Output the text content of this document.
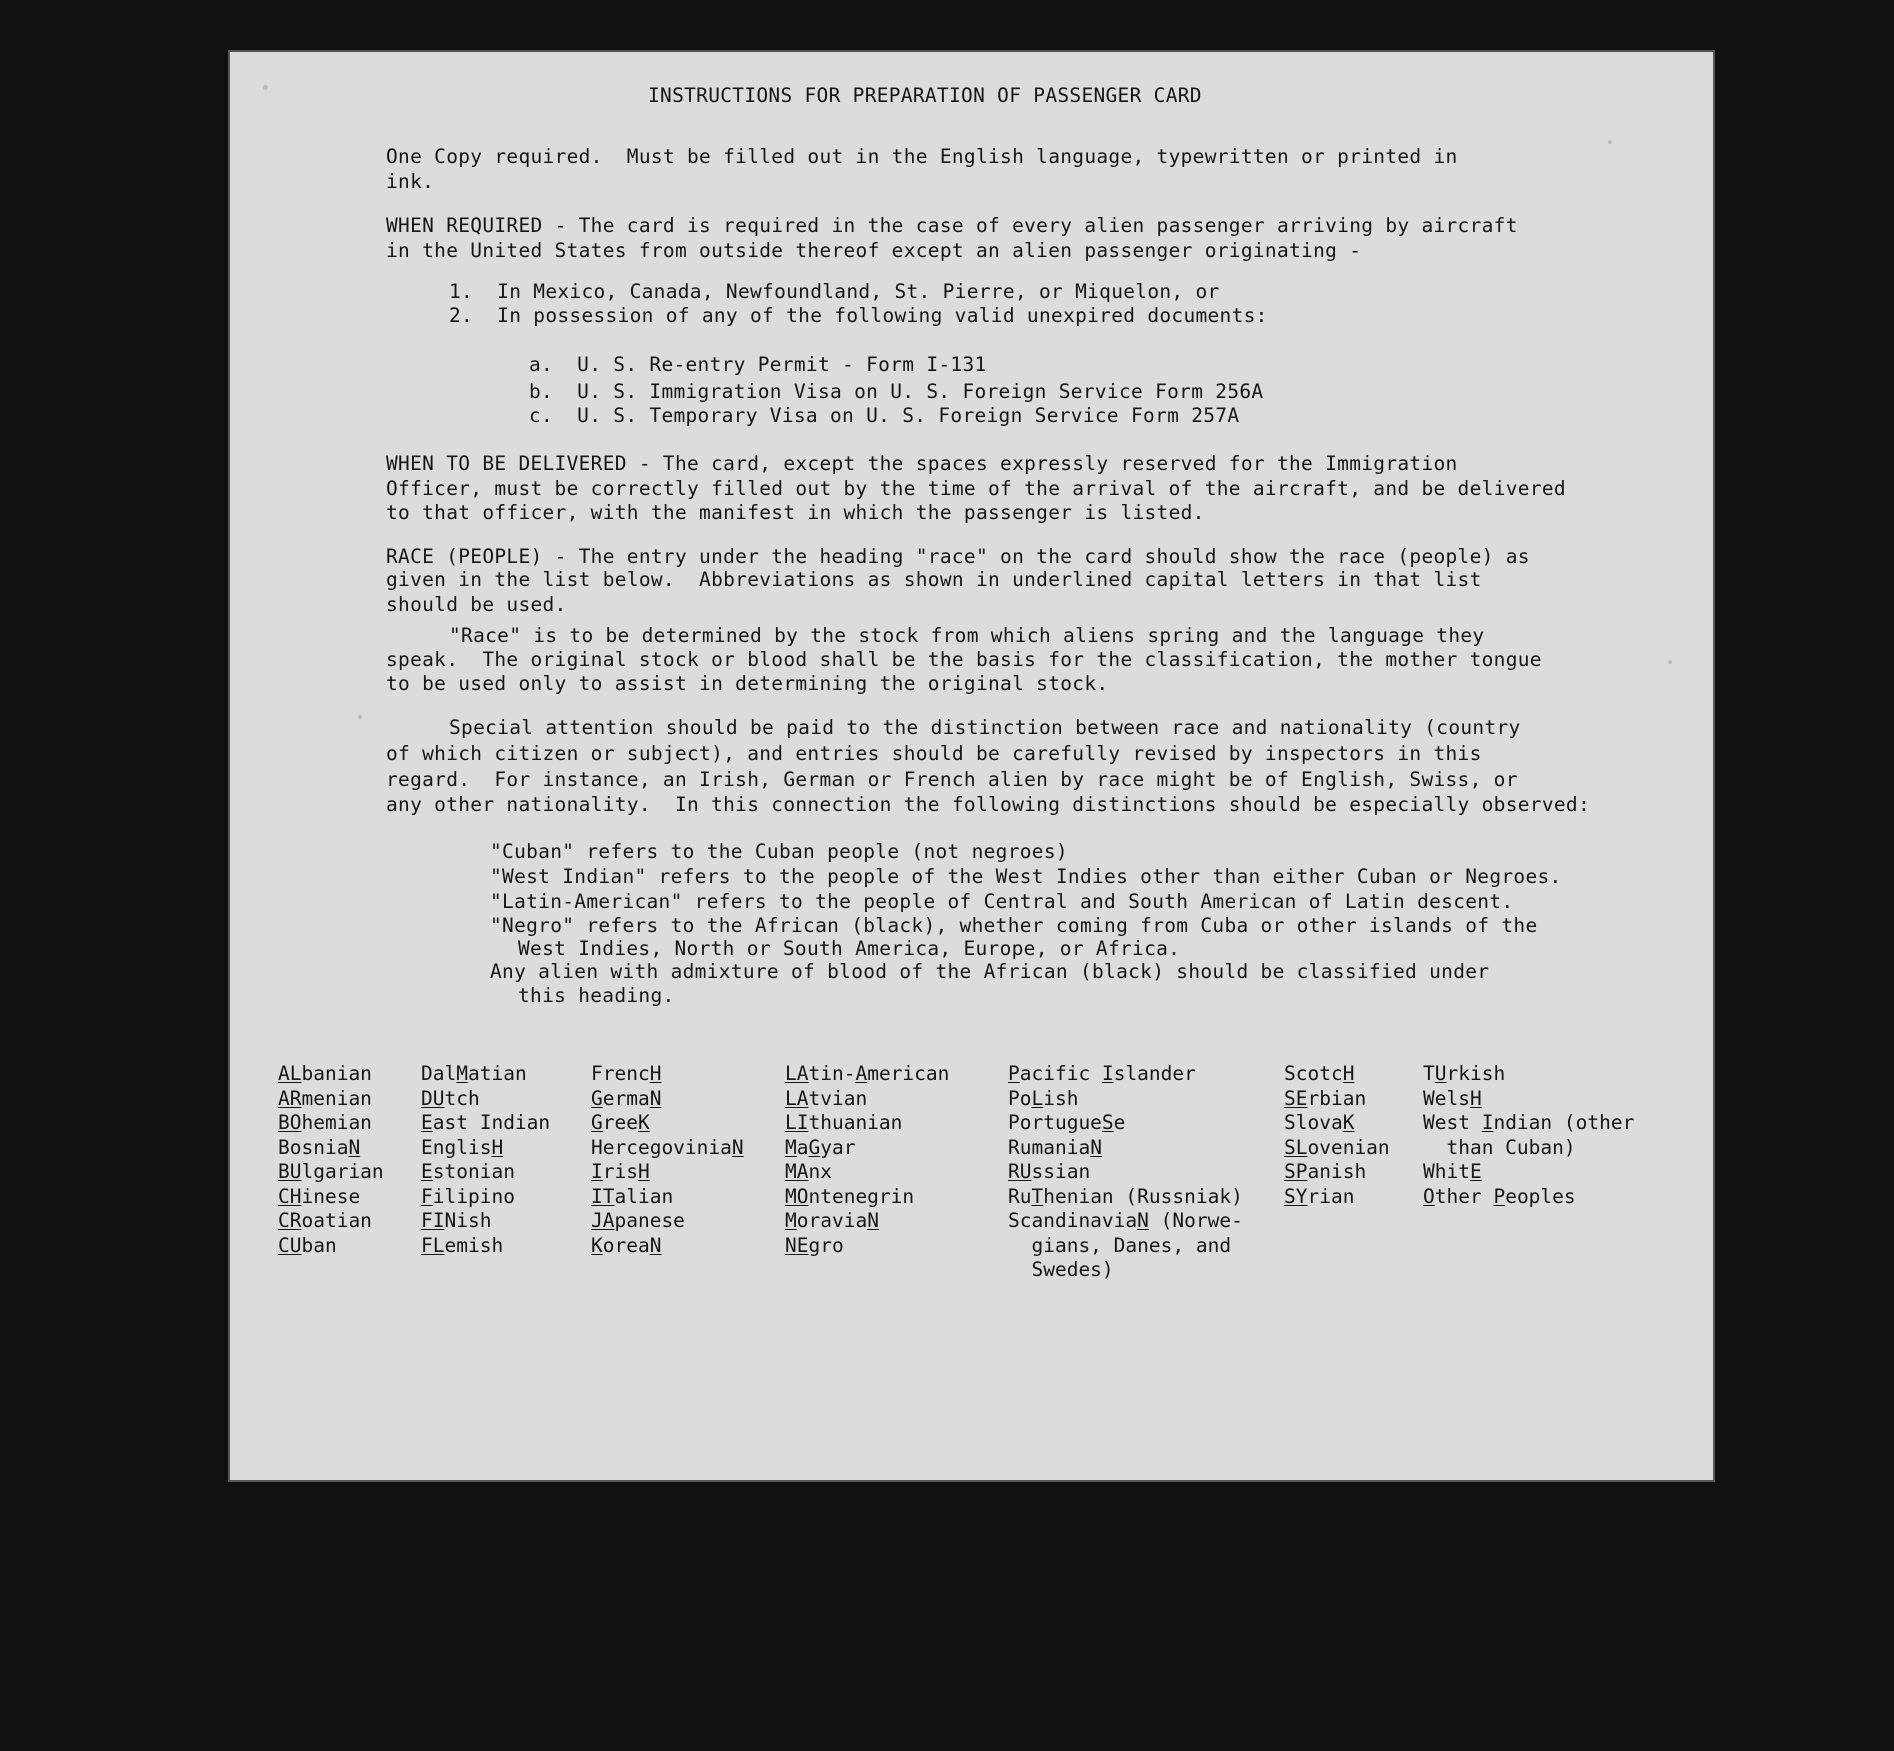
INSTRUCTIONS FOR PREPARATION OF PASSENGER CARD
One Copy required.  Must be filled out in the English language, typewritten or printed in
ink.
WHEN REQUIRED - The card is required in the case of every alien passenger arriving by aircraft
in the United States from outside thereof except an alien passenger originating -
1.  In Mexico, Canada, Newfoundland, St. Pierre, or Miquelon, or
2.  In possession of any of the following valid unexpired documents:
a.  U. S. Re-entry Permit - Form I-131
b.  U. S. Immigration Visa on U. S. Foreign Service Form 256A
c.  U. S. Temporary Visa on U. S. Foreign Service Form 257A
WHEN TO BE DELIVERED - The card, except the spaces expressly reserved for the Immigration
Officer, must be correctly filled out by the time of the arrival of the aircraft, and be delivered
to that officer, with the manifest in which the passenger is listed.
RACE (PEOPLE) - The entry under the heading "race" on the card should show the race (people) as
given in the list below.  Abbreviations as shown in underlined capital letters in that list
should be used.
"Race" is to be determined by the stock from which aliens spring and the language they
speak.  The original stock or blood shall be the basis for the classification, the mother tongue
to be used only to assist in determining the original stock.
Special attention should be paid to the distinction between race and nationality (country
of which citizen or subject), and entries should be carefully revised by inspectors in this
regard.  For instance, an Irish, German or French alien by race might be of English, Swiss, or
any other nationality.  In this connection the following distinctions should be especially observed:
"Cuban" refers to the Cuban people (not negroes)
"West Indian" refers to the people of the West Indies other than either Cuban or Negroes.
"Latin-American" refers to the people of Central and South American of Latin descent.
"Negro" refers to the African (black), whether coming from Cuba or other islands of the
West Indies, North or South America, Europe, or Africa.
Any alien with admixture of blood of the African (black) should be classified under
this heading.
ALbanian
ARmenian
BOhemian
BosniaN
BUlgarian
CHinese
CRoatian
CUban
DalMatian
DUtch
East Indian
EnglisH
Estonian
Filipino
FINish
FLemish
FrencH
GermaN
GreeK
HercegoviniaN
IrisH
ITalian
JApanese
KoreaN
LAtin-American
LAtvian
LIthuanian
MaGyar
MAnx
MOntenegrin
MoraviaN
NEgro
Pacific Islander
PoLish
PortugueSe
RumaniaN
RUssian
RuThenian (Russniak)
ScandinaviaN (Norwe-
gians, Danes, and
Swedes)
ScotcH
SErbian
SlovaK
SLovenian
SPanish
SYrian
TUrkish
WelsH
West Indian (other
than Cuban)
WhitE
Other Peoples
